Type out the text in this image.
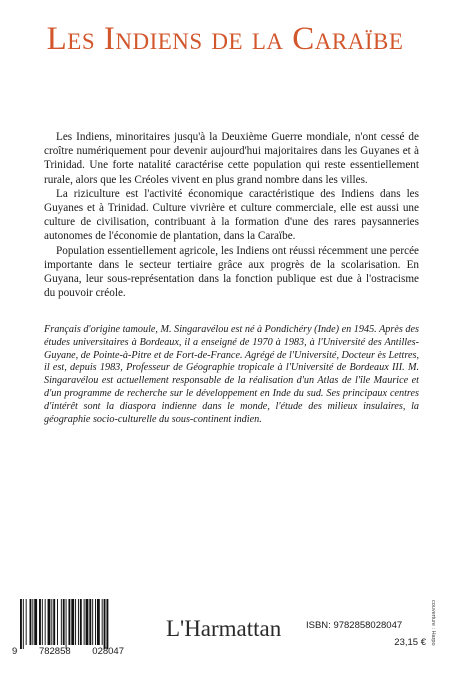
Les Indiens de la Caraïbe

Les Indiens, minoritaires jusqu'à la Deuxième Guerre mondiale, n'ont cessé de croître numériquement pour devenir aujourd'hui majoritaires dans les Guyanes et à Trinidad. Une forte natalité caractérise cette population qui reste essentiellement rurale, alors que les Créoles vivent en plus grand nombre dans les villes.

La riziculture est l'activité économique caractéristique des Indiens dans les Guyanes et à Trinidad. Culture vivrière et culture commerciale, elle est aussi une culture de civilisation, contribuant à la formation d'une des rares paysanneries autonomes de l'économie de plantation, dans la Caraïbe.

Population essentiellement agricole, les Indiens ont réussi récemment une percée importante dans le secteur tertiaire grâce aux progrès de la scolarisation. En Guyana, leur sous-représentation dans la fonction publique est due à l'ostracisme du pouvoir créole.

Français d'origine tamoule, M. Singaravélou est né à Pondichéry (Inde) en 1945. Après des études universitaires à Bordeaux, il a enseigné de 1970 à 1983, à l'Université des Antilles-Guyane, de Pointe-à-Pitre et de Fort-de-France. Agrégé de l'Université, Docteur ès Lettres, il est, depuis 1983, Professeur de Géographie tropicale à l'Université de Bordeaux III. M. Singaravélou est actuellement responsable de la réalisation d'un Atlas de l'île Maurice et d'un programme de recherche sur le développement en Inde du sud. Ses principaux centres d'intérêt sont la diaspora indienne dans le monde, l'étude des milieux insulaires, la géographie socio-culturelle du sous-continent indien.

9 782858 028047
L'Harmattan	ISBN: 9782858028047
23,15 € couverture : Harpo
